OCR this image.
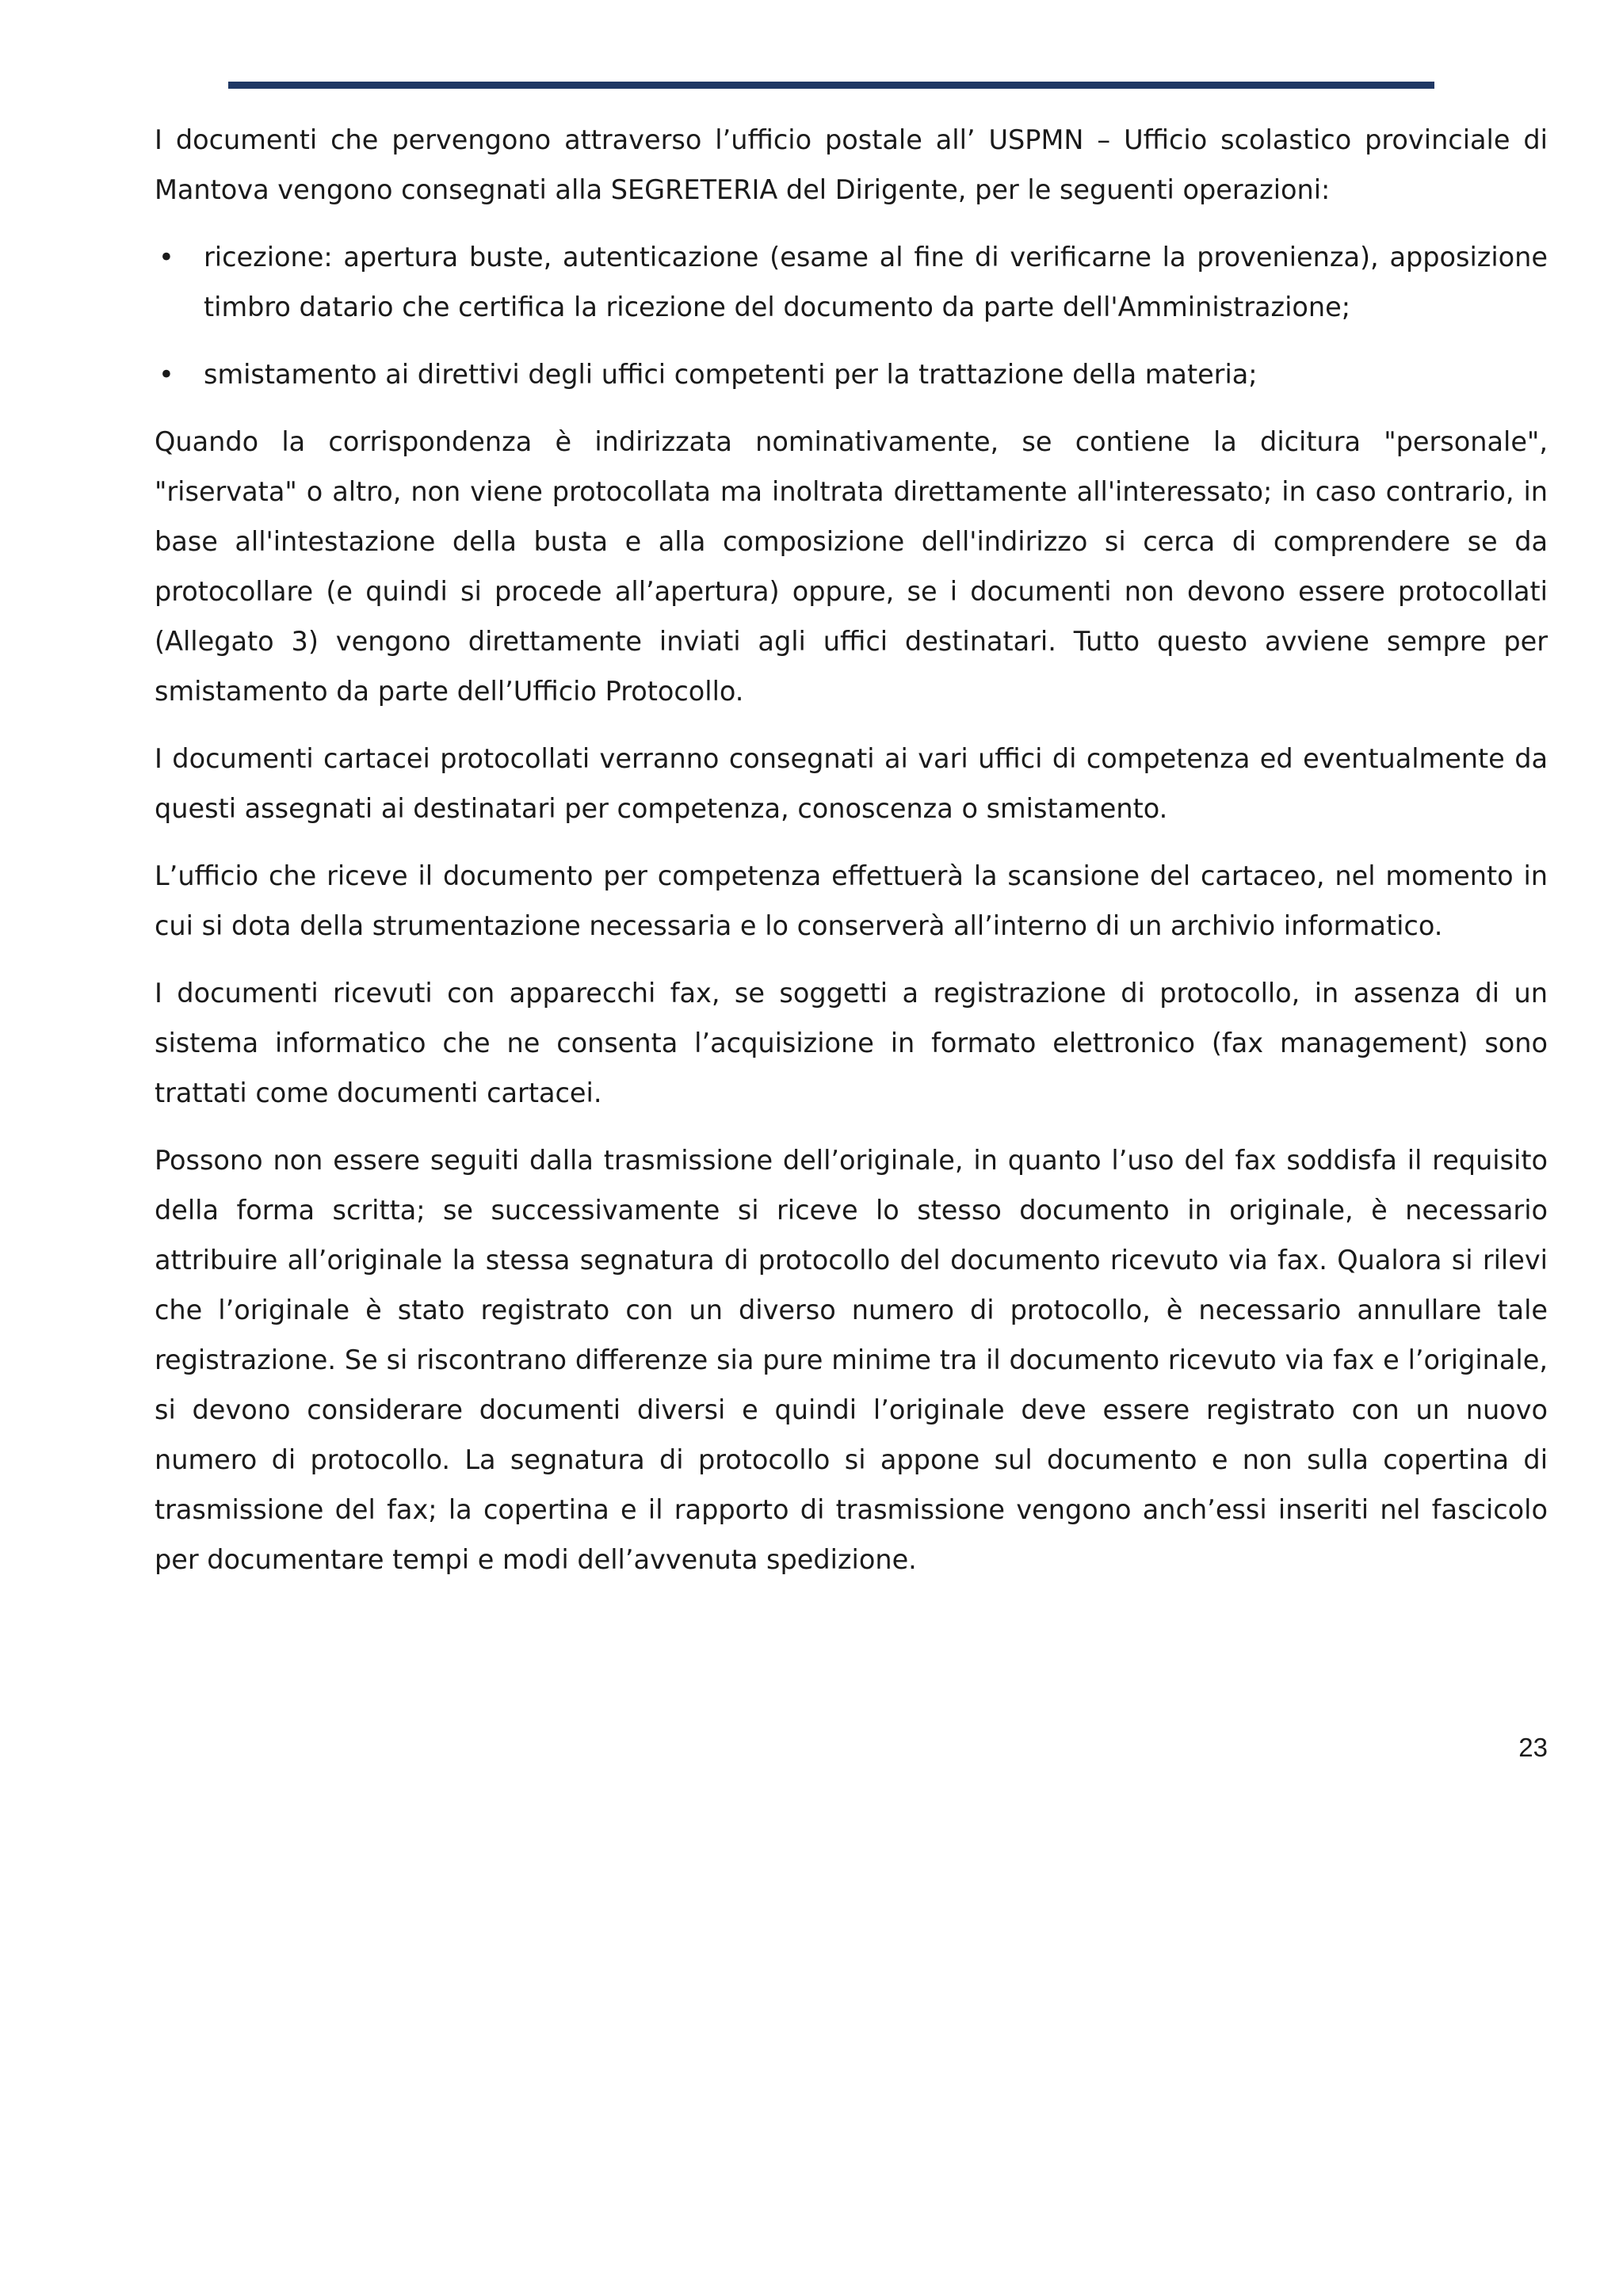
I documenti che pervengono attraverso l’ufficio postale all’ USPMN – Ufficio scolastico provinciale di Mantova vengono consegnati alla SEGRETERIA del Dirigente, per le seguenti operazioni:

• ricezione: apertura buste, autenticazione (esame al fine di verificarne la provenienza), apposizione timbro datario che certifica la ricezione del documento da parte dell'Amministrazione;
• smistamento ai direttivi degli uffici competenti per la trattazione della materia;

Quando la corrispondenza è indirizzata nominativamente, se contiene la dicitura "personale", "riservata" o altro, non viene protocollata ma inoltrata direttamente all'interessato; in caso contrario, in base all'intestazione della busta e alla composizione dell'indirizzo si cerca di comprendere se da protocollare (e quindi si procede all’apertura) oppure, se i documenti non devono essere protocollati (Allegato 3) vengono direttamente inviati agli uffici destinatari. Tutto questo avviene sempre per smistamento da parte dell’Ufficio Protocollo.

I documenti cartacei protocollati verranno consegnati ai vari uffici di competenza ed eventualmente da questi assegnati ai destinatari per competenza, conoscenza o smistamento.

L’ufficio che riceve il documento per competenza effettuerà la scansione del cartaceo, nel momento in cui si dota della strumentazione necessaria e lo conserverà all’interno di un archivio informatico.

I documenti ricevuti con apparecchi fax, se soggetti a registrazione di protocollo, in assenza di un sistema informatico che ne consenta l’acquisizione in formato elettronico (fax management) sono trattati come documenti cartacei.

Possono non essere seguiti dalla trasmissione dell’originale, in quanto l’uso del fax soddisfa il requisito della forma scritta; se successivamente si riceve lo stesso documento in originale, è necessario attribuire all’originale la stessa segnatura di protocollo del documento ricevuto via fax. Qualora si rilevi che l’originale è stato registrato con un diverso numero di protocollo, è necessario annullare tale registrazione. Se si riscontrano differenze sia pure minime tra il documento ricevuto via fax e l’originale, si devono considerare documenti diversi e quindi l’originale deve essere registrato con un nuovo numero di protocollo. La segnatura di protocollo si appone sul documento e non sulla copertina di trasmissione del fax; la copertina e il rapporto di trasmissione vengono anch’essi inseriti nel fascicolo per documentare tempi e modi dell’avvenuta spedizione.

23
